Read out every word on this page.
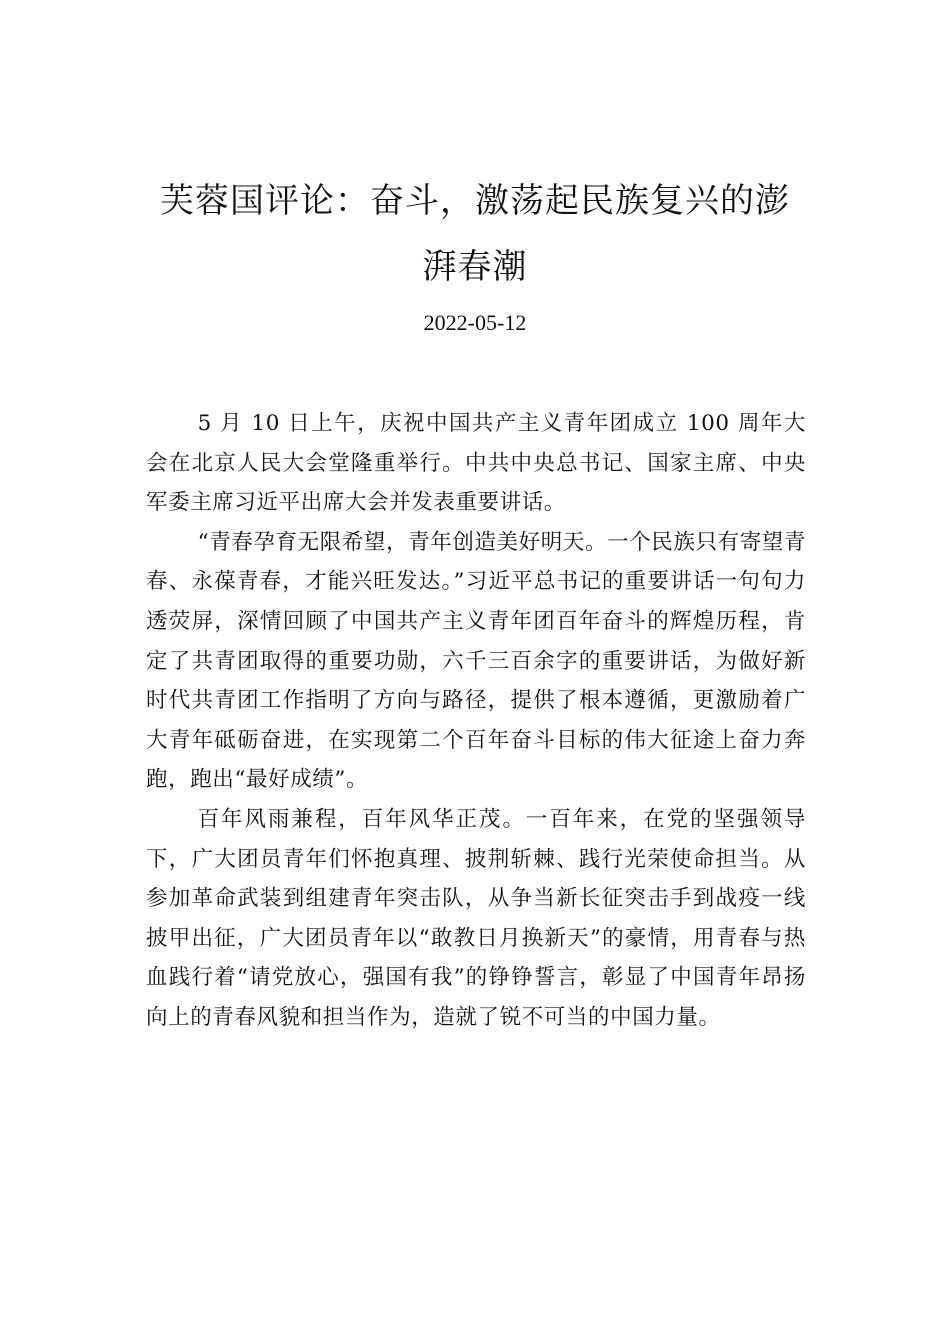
芙蓉国评论：奋斗，激荡起民族复兴的澎
湃春潮
2022-05-12

5 月 10 日上午，庆祝中国共产主义青年团成立 100 周年大会在北京人民大会堂隆重举行。中共中央总书记、国家主席、中央军委主席习近平出席大会并发表重要讲话。

“青春孕育无限希望，青年创造美好明天。一个民族只有寄望青春、永葆青春，才能兴旺发达。”习近平总书记的重要讲话一句句力透荧屏，深情回顾了中国共产主义青年团百年奋斗的辉煌历程，肯定了共青团取得的重要功勋，六千三百余字的重要讲话，为做好新时代共青团工作指明了方向与路径，提供了根本遵循，更激励着广大青年砥砺奋进，在实现第二个百年奋斗目标的伟大征途上奋力奔跑，跑出“最好成绩”。

百年风雨兼程，百年风华正茂。一百年来，在党的坚强领导下，广大团员青年们怀抱真理、披荆斩棘、践行光荣使命担当。从参加革命武装到组建青年突击队，从争当新长征突击手到战疫一线披甲出征，广大团员青年以“敢教日月换新天”的豪情，用青春与热血践行着“请党放心，强国有我”的铮铮誓言，彰显了中国青年昂扬向上的青春风貌和担当作为，造就了锐不可当的中国力量。
